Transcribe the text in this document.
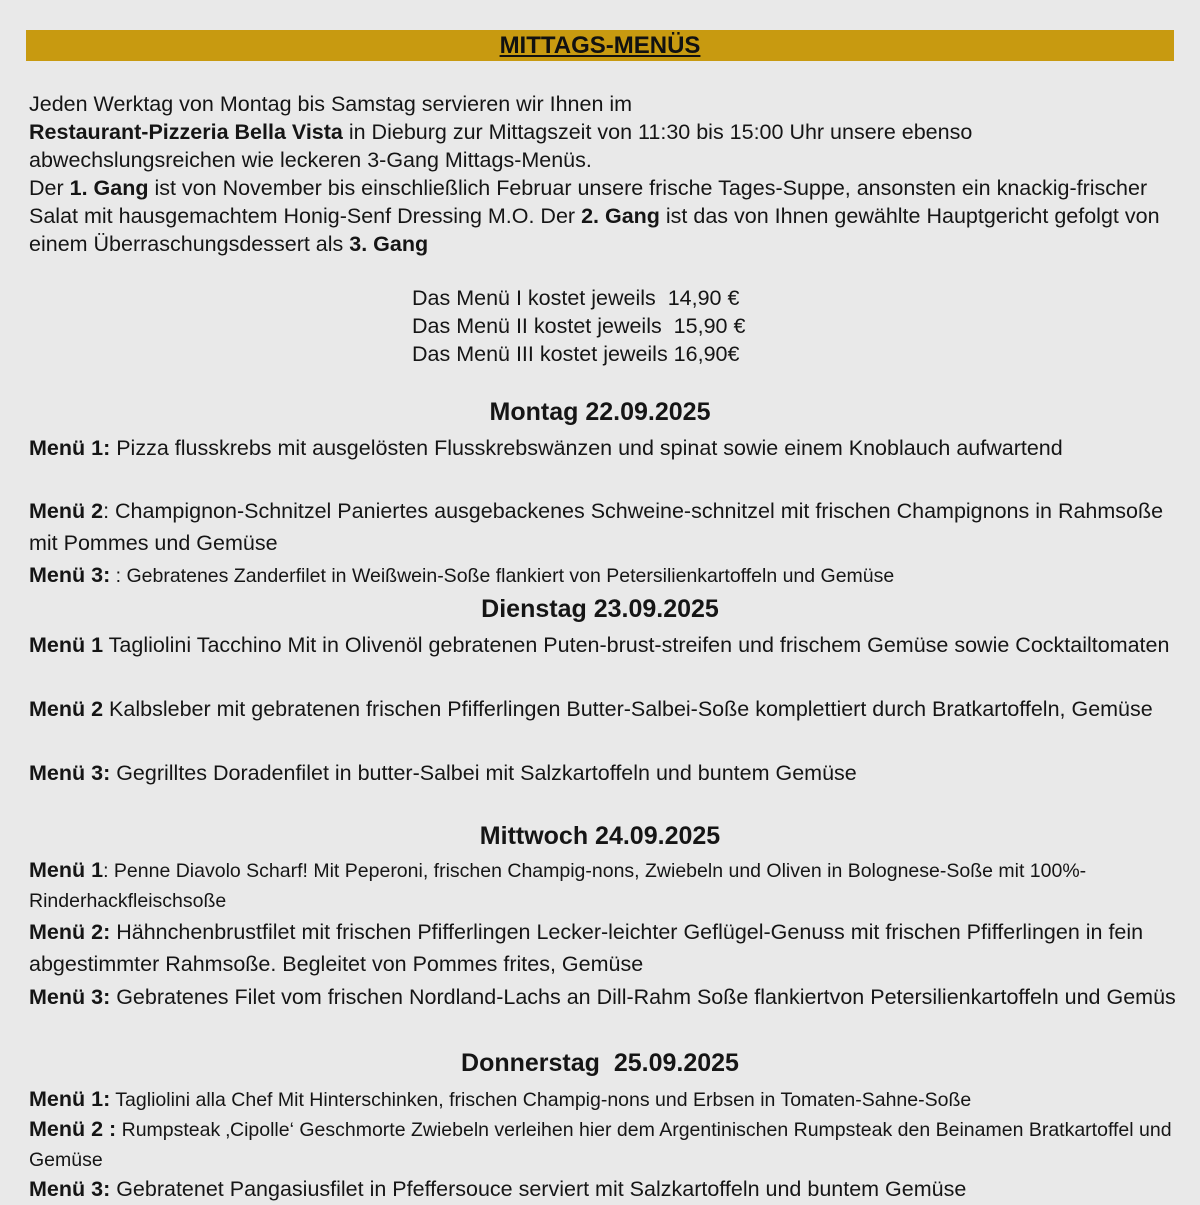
MITTAGS-MENÜS

Jeden Werktag von Montag bis Samstag servieren wir Ihnen im

Restaurant-Pizzeria Bella Vista in Dieburg zur Mittagszeit von 11:30 bis 15:00 Uhr unsere ebenso

abwechslungsreichen wie leckeren 3-Gang Mittags-Menüs.

Der 1. Gang ist von November bis einschließlich Februar unsere frische Tages-Suppe, ansonsten ein knackig-frischer Salat mit hausgemachtem Honig-Senf Dressing M.O. Der 2. Gang ist das von Ihnen gewählte Hauptgericht gefolgt von einem Überraschungsdessert als 3. Gang

Das Menü I kostet jeweils  14,90 €
Das Menü II kostet jeweils  15,90 €
Das Menü III kostet jeweils 16,90€
Montag 22.09.2025
Menü 1: Pizza flusskrebs mit ausgelösten Flusskrebswänzen und spinat sowie einem Knoblauch aufwartend
Menü 2: Champignon-Schnitzel Paniertes ausgebackenes Schweine-schnitzel mit frischen Champignons in Rahmsoße mit Pommes und Gemüse
Menü 3: : Gebratenes Zanderfilet in Weißwein-Soße flankiert von Petersilienkartoffeln und Gemüse
Dienstag 23.09.2025
Menü 1 Tagliolini Tacchino Mit in Olivenöl gebratenen Puten-brust-streifen und frischem Gemüse sowie Cocktailtomaten
Menü 2 Kalbsleber mit gebratenen frischen Pfifferlingen Butter-Salbei-Soße komplettiert durch Bratkartoffeln, Gemüse
Menü 3: Gegrilltes Doradenfilet in butter-Salbei mit Salzkartoffeln und buntem Gemüse
Mittwoch 24.09.2025
Menü 1: Penne Diavolo Scharf! Mit Peperoni, frischen Champig-nons, Zwiebeln und Oliven in Bolognese-Soße mit 100%-Rinderhackfleischsoße
Menü 2: Hähnchenbrustfilet mit frischen Pfifferlingen Lecker-leichter Geflügel-Genuss mit frischen Pfifferlingen in fein abgestimmter Rahmsoße. Begleitet von Pommes frites, Gemüse
Menü 3: Gebratenes Filet vom frischen Nordland-Lachs an Dill-Rahm Soße flankiertvon Petersilienkartoffeln und Gemüs
Donnerstag  25.09.2025
Menü 1: Tagliolini alla Chef Mit Hinterschinken, frischen Champig-nons und Erbsen in Tomaten-Sahne-Soße
Menü 2 : Rumpsteak ‚Cipolle‘ Geschmorte Zwiebeln verleihen hier dem Argentinischen Rumpsteak den Beinamen Bratkartoffel und Gemüse
Menü 3: Gebratenet Pangasiusfilet in Pfeffersouce serviert mit Salzkartoffeln und buntem Gemüse
